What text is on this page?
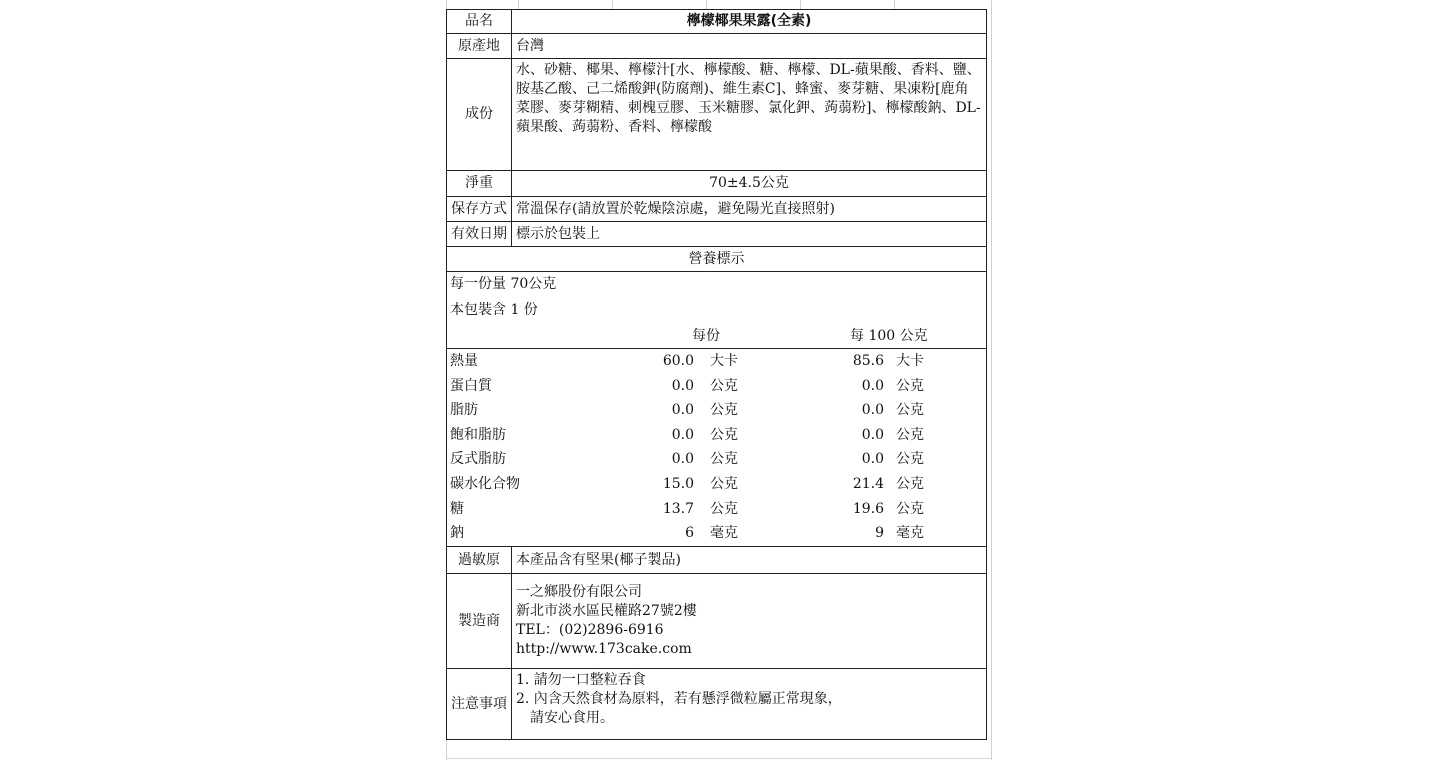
品名	檸檬椰果果露(全素)
原產地	台灣
成份	水、砂糖、椰果、檸檬汁[水、檸檬酸、糖、檸檬、DL-蘋果酸、香料、鹽、胺基乙酸、己二烯酸鉀(防腐劑)、維生素C]、蜂蜜、麥芽糖、果凍粉[鹿角菜膠、麥芽糊精、刺槐豆膠、玉米糖膠、氯化鉀、蒟蒻粉]、檸檬酸鈉、DL-蘋果酸、蒟蒻粉、香料、檸檬酸
淨重	70±4.5公克
保存方式	常溫保存(請放置於乾燥陰涼處，避免陽光直接照射)
有效日期	標示於包裝上
營養標示	
每一份量 70公克
本包裝含 1 份
每份	每 100 公克
熱量	60.0 大卡	85.6 大卡
蛋白質	0.0 公克	0.0 公克
脂肪	0.0 公克	0.0 公克
飽和脂肪	0.0 公克	0.0 公克
反式脂肪	0.0 公克	0.0 公克
碳水化合物	15.0 公克	21.4 公克
糖	13.7 公克	19.6 公克
鈉	6 毫克	9 毫克
過敏原	本產品含有堅果(椰子製品)
製造商	一之鄉股份有限公司
新北市淡水區民權路27號2樓
TEL：(02)2896-6916
http://www.173cake.com

注意事項	1. 請勿一口整粒吞食
2. 內含天然食材為原料，若有懸浮微粒屬正常現象，
請安心食用。
